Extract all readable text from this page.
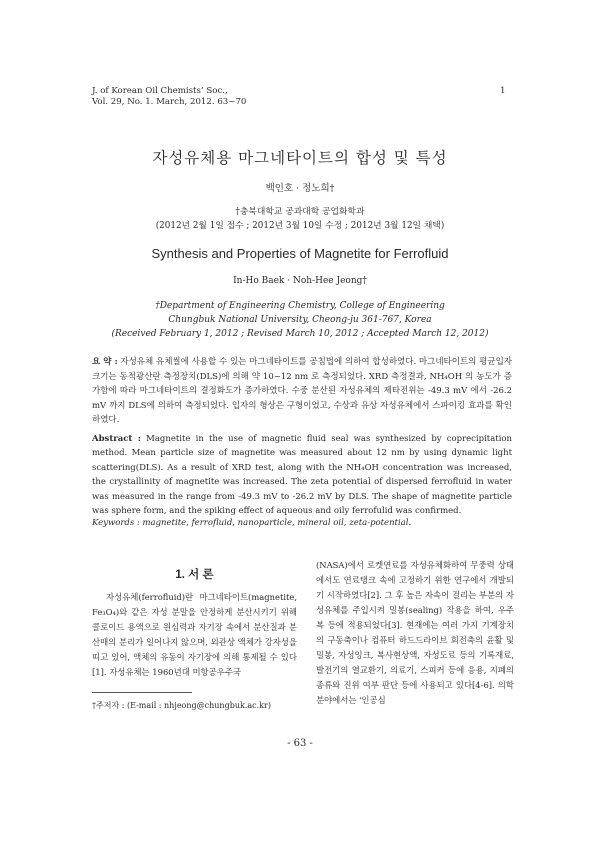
J. of Korean Oil Chemists’ Soc.,
Vol. 29, No. 1. March, 2012. 63~70
1
자성유체용 마그네타이트의 합성 및 특성
백인호 · 정노희†
†충북대학교 공과대학 공업화학과
(2012년 2월 1일 접수 ; 2012년 3월 10일 수정 ; 2012년 3월 12일 채택)
Synthesis and Properties of Magnetite for Ferrofluid
In-Ho Baek · Noh-Hee Jeong†
†Department of Engineering Chemistry, College of Engineering
Chungbuk National University, Cheong-ju 361-767, Korea
(Received February 1, 2012 ; Revised March 10, 2012 ; Accepted March 12, 2012)
요 약 : 자성유체 유체씰에 사용할 수 있는 마그네타이트를 공침법에 의하여 합성하였다. 마그네타이트의 평균입자크기는 동적광산란 측정장치(DLS)에 의해 약 10~12 nm 로 측정되었다. XRD 측정결과, NH₄OH 의 농도가 증가함에 따라 마그네타이트의 결정화도가 증가하였다. 수중 분산된 자성유체의 제타전위는 -49.3 mV 에서 -26.2 mV 까지 DLS에 의하여 측정되었다. 입자의 형상은 구형이었고, 수상과 유상 자성유체에서 스파이킹 효과를 확인하였다.
Abstract : Magnetite in the use of magnetic fluid seal was synthesized by coprecipitation method. Mean particle size of magnetite was measured about 12 nm by using dynamic light scattering(DLS). As a result of XRD test, along with the NH₄OH concentration was increased, the crystallinity of magnetite was increased. The zeta potential of dispersed ferrofluid in water was measured in the range from -49.3 mV to -26.2 mV by DLS. The shape of magnetite particle was sphere form, and the spiking effect of aqueous and oily ferrofulid was confirmed.
Keywords : magnetite, ferrofluid, nanoparticle, mineral oil, zeta-potential.
1. 서 론

자성유체(ferrofluid)란 마그네타이트(magnetite, Fe₃O₄)와 같은 자성 분말을 안정하게 분산시키기 위해 콜로이드 용액으로 원심력과 자기장 속에서 분산질과 분산매의 분리가 일어나지 않으며, 외관상 액체가 강자성을 띠고 있어, 액체의 유동이 자기장에 의해 통제될 수 있다[1]. 자성유체는 1960년대 미항공우주국

(NASA)에서 로켓연료를 자성유체화하여 무중력 상태에서도 연료탱크 속에 고정하기 위한 연구에서 개발되기 시작하였다[2]. 그 후 높은 자속이 걸리는 부분의 자성유체를 주입시켜 밀봉(sealing) 작용을 하여, 우주복 등에 적용되었다[3]. 현재에는 여러 가지 기계장치의 구동축이나 컴퓨터 하드드라이브 회전축의 윤활 및 밀봉, 자성잉크, 복사현상액, 자성도료 등의 기록재료, 발전기의 열교환기, 의료기, 스피커 등에 응용, 지폐의 종류와 진위 여부 판단 등에 사용되고 있다[4-6]. 의학 분야에서는 '인공심

†주저자 : (E-mail : nhjeong@chungbuk.ac.kr)
- 63 -
